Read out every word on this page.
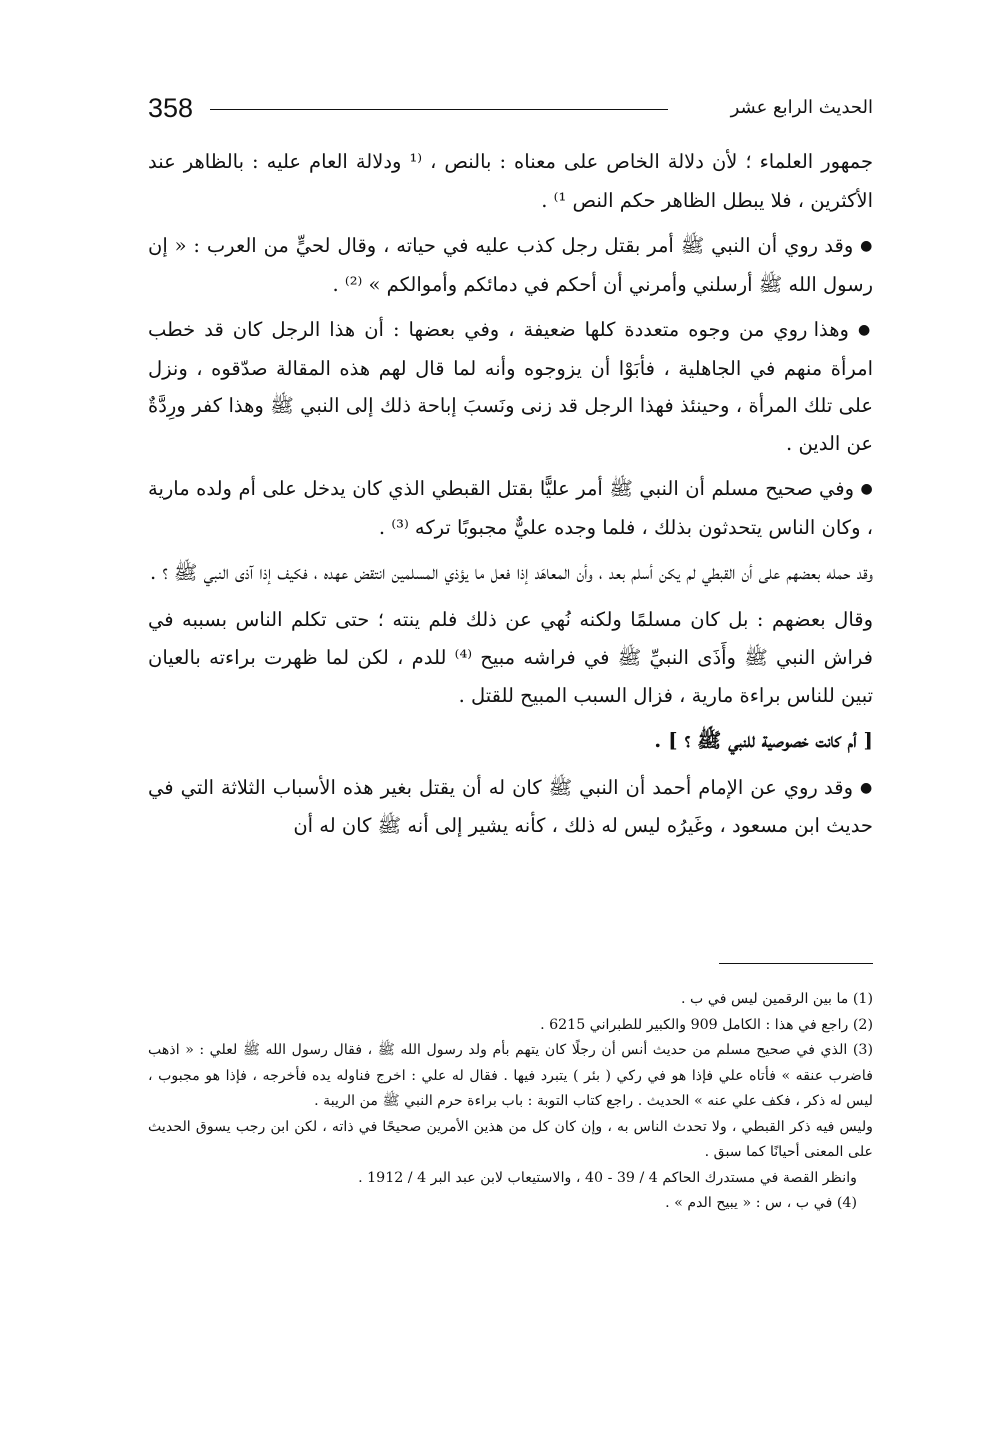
358	الحديث الرابع عشر

جمهور العلماء ؛ لأن دلالة الخاص على معناه : بالنص ، ⁽¹ ودلالة العام عليه : بالظاهر عند الأكثرين ، فلا يبطل الظاهر حكم النص ¹⁾ .

● وقد روي أن النبي ﷺ أمر بقتل رجل كذب عليه في حياته ، وقال لحيٍّ من العرب : « إن رسول الله ﷺ أرسلني وأمرني أن أحكم في دمائكم وأموالكم » ⁽²⁾ .

● وهذا روي من وجوه متعددة كلها ضعيفة ، وفي بعضها : أن هذا الرجل كان قد خطب امرأة منهم في الجاهلية ، فأبَوْا أن يزوجوه وأنه لما قال لهم هذه المقالة صدّقوه ، ونزل على تلك المرأة ، وحينئذ فهذا الرجل قد زنى ونَسبَ إباحة ذلك إلى النبي ﷺ وهذا كفر ورِدَّةٌ عن الدين .

● وفي صحيح مسلم أن النبي ﷺ أمر عليًّا بقتل القبطي الذي كان يدخل على أم ولده مارية ، وكان الناس يتحدثون بذلك ، فلما وجده عليٌّ مجبوبًا تركه ⁽³⁾ .

وقد حمله بعضهم على أن القبطي لم يكن أسلم بعد ، وأن المعاهَد إذا فعل ما يؤذي المسلمين انتقض عهده ، فكيف إذا آذى النبي ﷺ ؟ .

وقال بعضهم : بل كان مسلمًا ولكنه نُهي عن ذلك فلم ينته ؛ حتى تكلم الناس بسببه في فراش النبي ﷺ وأَذَى النبيِّ ﷺ في فراشه مبيح ⁽⁴⁾ للدم ، لكن لما ظهرت براءته بالعيان تبين للناس براءة مارية ، فزال السبب المبيح للقتل .

[ أم كانت خصوصية للنبي ﷺ ؟ ] .

● وقد روي عن الإمام أحمد أن النبي ﷺ كان له أن يقتل بغير هذه الأسباب الثلاثة التي في حديث ابن مسعود ، وغَيرُه ليس له ذلك ، كأنه يشير إلى أنه ﷺ كان له أن

(1) ما بين الرقمين ليس في ب .

(2) راجع في هذا : الكامل 909 والكبير للطبراني 6215 .

(3) الذي في صحيح مسلم من حديث أنس أن رجلًا كان يتهم بأم ولد رسول الله ﷺ ، فقال رسول الله ﷺ لعلي : « اذهب فاضرب عنقه » فأتاه علي فإذا هو في ركي ( بئر ) يتبرد فيها . فقال له علي : اخرج فناوله يده فأخرجه ، فإذا هو مجبوب ، ليس له ذكر ، فكف علي عنه » الحديث . راجع كتاب التوبة : باب براءة حرم النبي ﷺ من الريبة .

وليس فيه ذكر القبطي ، ولا تحدث الناس به ، وإن كان كل من هذين الأمرين صحيحًا في ذاته ، لكن ابن رجب يسوق الحديث على المعنى أحيانًا كما سبق .

وانظر القصة في مستدرك الحاكم 4 / 39 - 40 ، والاستيعاب لابن عبد البر 4 / 1912 .

(4) في ب ، س : « يبيح الدم » .
